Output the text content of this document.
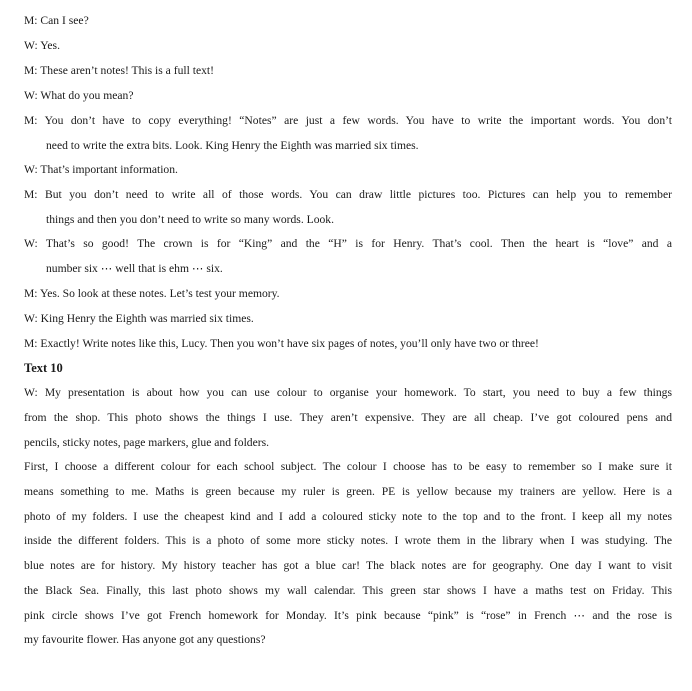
M: Can I see?
W: Yes.
M: These aren’t notes! This is a full text!
W: What do you mean?
M: You don’t have to copy everything! “Notes” are just a few words. You have to write the important words. You don’t
need to write the extra bits. Look. King Henry the Eighth was married six times.
W: That’s important information.
M: But you don’t need to write all of those words. You can draw little pictures too. Pictures can help you to remember
things and then you don’t need to write so many words. Look.
W: That’s so good! The crown is for “King” and the “H” is for Henry. That’s cool. Then the heart is “love” and a
number six ⋯ well that is ehm ⋯ six.
M: Yes. So look at these notes. Let’s test your memory.
W: King Henry the Eighth was married six times.
M: Exactly! Write notes like this, Lucy. Then you won’t have six pages of notes, you’ll only have two or three!
Text 10
W: My presentation is about how you can use colour to organise your homework. To start, you need to buy a few things
from the shop. This photo shows the things I use. They aren’t expensive. They are all cheap. I’ve got coloured pens and
pencils, sticky notes, page markers, glue and folders.
First, I choose a different colour for each school subject. The colour I choose has to be easy to remember so I make sure it
means something to me. Maths is green because my ruler is green. PE is yellow because my trainers are yellow. Here is a
photo of my folders. I use the cheapest kind and I add a coloured sticky note to the top and to the front. I keep all my notes
inside the different folders. This is a photo of some more sticky notes. I wrote them in the library when I was studying. The
blue notes are for history. My history teacher has got a blue car! The black notes are for geography. One day I want to visit
the Black Sea. Finally, this last photo shows my wall calendar. This green star shows I have a maths test on Friday. This
pink circle shows I’ve got French homework for Monday. It’s pink because “pink” is “rose” in French ⋯ and the rose is
my favourite flower. Has anyone got any questions?
